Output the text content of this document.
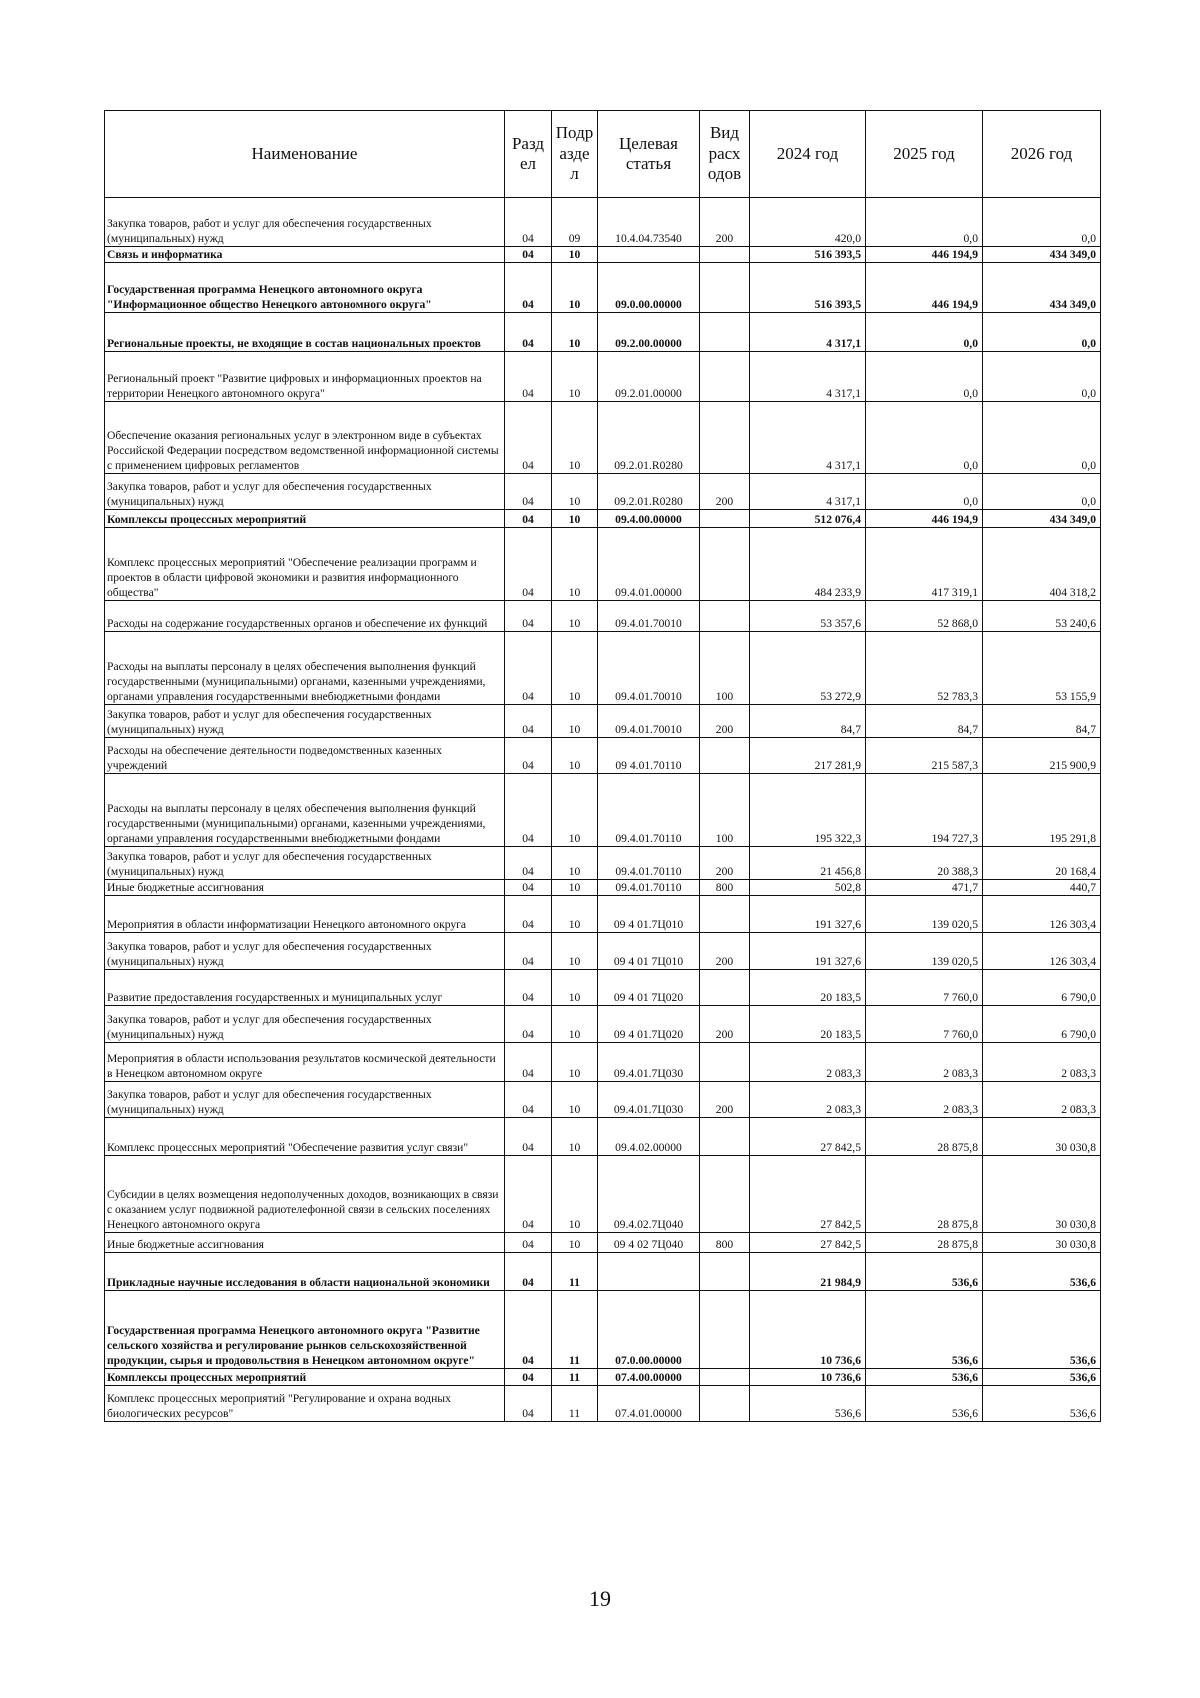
Наименование	Разд ел	Подр азде л	Целевая статья	Вид расх одов	2024 год	2025 год	2026 год
Закупка товаров, работ и услуг для обеспечения государственных (муниципальных) нужд	04	09	10.4.04.73540	200	420,0	0,0	0,0
Связь и информатика	04	10			516 393,5	446 194,9	434 349,0
Государственная программа Ненецкого автономного округа "Информационное общество Ненецкого автономного округа"	04	10	09.0.00.00000		516 393,5	446 194,9	434 349,0
Региональные проекты, не входящие в состав национальных проектов	04	10	09.2.00.00000		4 317,1	0,0	0,0
Региональный проект "Развитие цифровых и информационных проектов на территории Ненецкого автономного округа"	04	10	09.2.01.00000		4 317,1	0,0	0,0
Обеспечение оказания региональных услуг в электронном виде в субъектах Российской Федерации посредством ведомственной информационной системы с применением цифровых регламентов	04	10	09.2.01.R0280		4 317,1	0,0	0,0
Закупка товаров, работ и услуг для обеспечения государственных (муниципальных) нужд	04	10	09.2.01.R0280	200	4 317,1	0,0	0,0
Комплексы процессных мероприятий	04	10	09.4.00.00000		512 076,4	446 194,9	434 349,0
Комплекс процессных мероприятий "Обеспечение реализации программ и проектов в области цифровой экономики и развития информационного общества"	04	10	09.4.01.00000		484 233,9	417 319,1	404 318,2
Расходы на содержание государственных органов и обеспечение их функций	04	10	09.4.01.70010		53 357,6	52 868,0	53 240,6
Расходы на выплаты персоналу в целях обеспечения выполнения функций государственными (муниципальными) органами, казенными учреждениями, органами управления государственными внебюджетными фондами	04	10	09.4.01.70010	100	53 272,9	52 783,3	53 155,9
Закупка товаров, работ и услуг для обеспечения государственных (муниципальных) нужд	04	10	09.4.01.70010	200	84,7	84,7	84,7
Расходы на обеспечение деятельности подведомственных казенных учреждений	04	10	09 4.01.70110		217 281,9	215 587,3	215 900,9
Расходы на выплаты персоналу в целях обеспечения выполнения функций государственными (муниципальными) органами, казенными учреждениями, органами управления государственными внебюджетными фондами	04	10	09.4.01.70110	100	195 322,3	194 727,3	195 291,8
Закупка товаров, работ и услуг для обеспечения государственных (муниципальных) нужд	04	10	09.4.01.70110	200	21 456,8	20 388,3	20 168,4
Иные бюджетные ассигнования	04	10	09.4.01.70110	800	502,8	471,7	440,7
Мероприятия в области информатизации Ненецкого автономного округа	04	10	09 4 01.7Ц010		191 327,6	139 020,5	126 303,4
Закупка товаров, работ и услуг для обеспечения государственных (муниципальных) нужд	04	10	09 4 01 7Ц010	200	191 327,6	139 020,5	126 303,4
Развитие предоставления государственных и муниципальных услуг	04	10	09 4 01 7Ц020		20 183,5	7 760,0	6 790,0
Закупка товаров, работ и услуг для обеспечения государственных (муниципальных) нужд	04	10	09 4 01.7Ц020	200	20 183,5	7 760,0	6 790,0
Мероприятия в области использования результатов космической деятельности в Ненецком автономном округе	04	10	09.4.01.7Ц030		2 083,3	2 083,3	2 083,3
Закупка товаров, работ и услуг для обеспечения государственных (муниципальных) нужд	04	10	09.4.01.7Ц030	200	2 083,3	2 083,3	2 083,3
Комплекс процессных мероприятий "Обеспечение развития услуг связи"	04	10	09.4.02.00000		27 842,5	28 875,8	30 030,8
Субсидии в целях возмещения недополученных доходов, возникающих в связи с оказанием услуг подвижной радиотелефонной связи в сельских поселениях Ненецкого автономного округа	04	10	09.4.02.7Ц040		27 842,5	28 875,8	30 030,8
Иные бюджетные ассигнования	04	10	09 4 02 7Ц040	800	27 842,5	28 875,8	30 030,8
Прикладные научные исследования в области национальной экономики	04	11			21 984,9	536,6	536,6
Государственная программа Ненецкого автономного округа "Развитие сельского хозяйства и регулирование рынков сельскохозяйственной продукции, сырья и продовольствия в Ненецком автономном округе"	04	11	07.0.00.00000		10 736,6	536,6	536,6
Комплексы процессных мероприятий	04	11	07.4.00.00000		10 736,6	536,6	536,6
Комплекс процессных мероприятий "Регулирование и охрана водных биологических ресурсов"	04	11	07.4.01.00000		536,6	536,6	536,6
19
